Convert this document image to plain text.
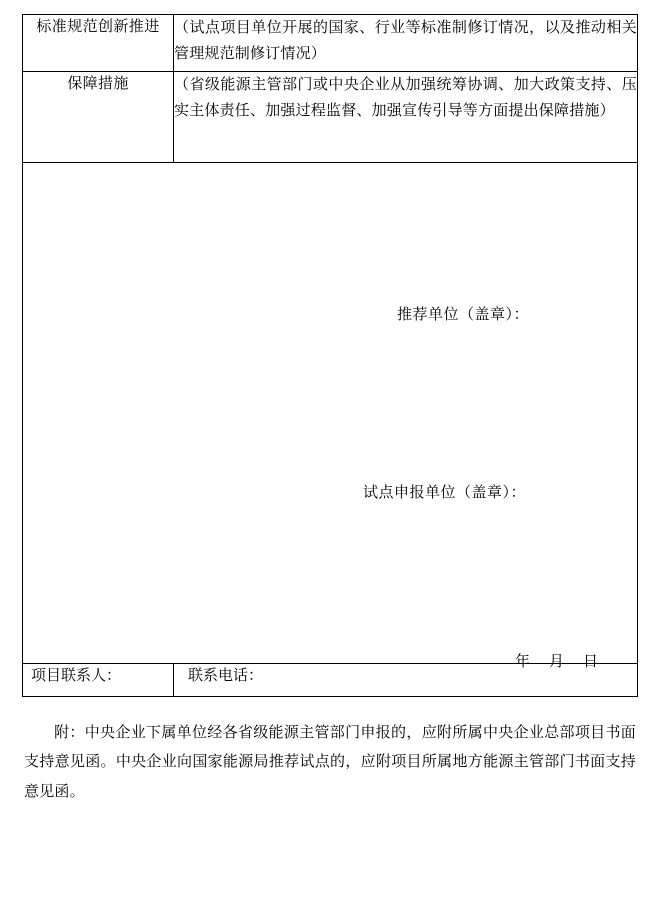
标准规范创新推进	（试点项目单位开展的国家、行业等标准制修订情况，以及推动相关管理规范制修订情况）
保障措施	（省级能源主管部门或中央企业从加强统筹协调、加大政策支持、压实主体责任、加强过程监督、加强宣传引导等方面提出保障措施）

推荐单位（盖章）：
试点申报单位（盖章）：
年 月 日	

项目联系人：	联系电话：

附：中央企业下属单位经各省级能源主管部门申报的，应附所属中央企业总部项目书面支持意见函。中央企业向国家能源局推荐试点的，应附项目所属地方能源主管部门书面支持意见函。
